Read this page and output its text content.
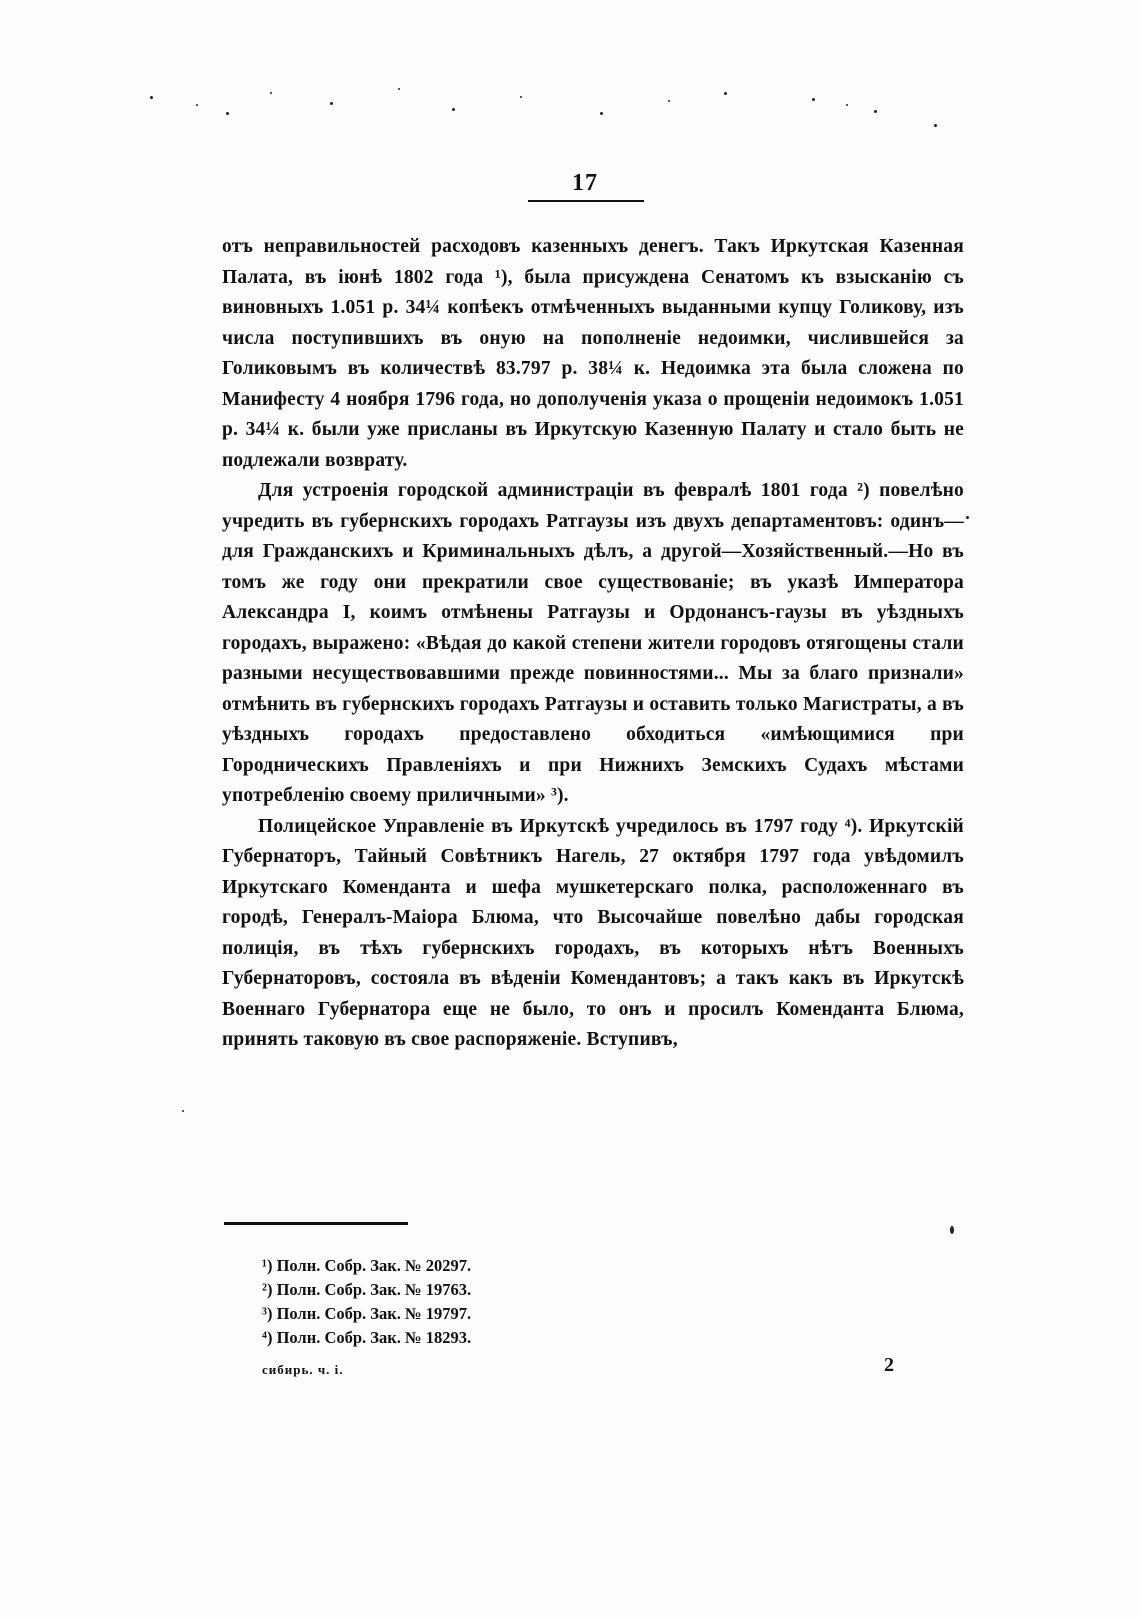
17

отъ неправильностей расходовъ казенныхъ денегъ. Такъ Иркутская Казенная Палата, въ іюнѣ 1802 года ¹), была присуждена Сенатомъ къ взысканію съ виновныхъ 1.051 р. 34¼ копѣекъ отмѣченныхъ выданными купцу Голикову, изъ числа поступившихъ въ оную на пополненіе недоимки, числившейся за Голиковымъ въ количествѣ 83.797 р. 38¼ к. Недоимка эта была сложена по Манифесту 4 ноября 1796 года, но дополученія указа о прощеніи недоимокъ 1.051 р. 34¼ к. были уже присланы въ Иркутскую Казенную Палату и стало быть не подлежали возврату.

Для устроенія городской администраціи въ февралѣ 1801 года ²) повелѣно учредить въ губернскихъ городахъ Ратгаузы изъ двухъ департаментовъ: одинъ—для Гражданскихъ и Криминальныхъ дѣлъ, а другой—Хозяйственный.—Но въ томъ же году они прекратили свое существованіе; въ указѣ Императора Александра I, коимъ отмѣнены Ратгаузы и Ордонансъ-гаузы въ уѣздныхъ городахъ, выражено: «Вѣдая до какой степени жители городовъ отягощены стали разными несуществовавшими прежде повинностями... Мы за благо признали» отмѣнить въ губернскихъ городахъ Ратгаузы и оставить только Магистраты, а въ уѣздныхъ городахъ предоставлено обходиться «имѣющимися при Городническихъ Правленіяхъ и при Нижнихъ Земскихъ Судахъ мѣстами употребленію своему приличными» ³).

Полицейское Управленіе въ Иркутскѣ учредилось въ 1797 году ⁴). Иркутскій Губернаторъ, Тайный Совѣтникъ Нагель, 27 октября 1797 года увѣдомилъ Иркутскаго Коменданта и шефа мушкетерскаго полка, расположеннаго въ городѣ, Генералъ-Маіора Блюма, что Высочайше повелѣно дабы городская полиція, въ тѣхъ губернскихъ городахъ, въ которыхъ нѣтъ Военныхъ Губернаторовъ, состояла въ вѣденіи Комендантовъ; а такъ какъ въ Иркутскѣ Военнаго Губернатора еще не было, то онъ и просилъ Коменданта Блюма, принять таковую въ свое распоряженіе. Вступивъ,

¹) Полн. Собр. Зак. № 20297.
²) Полн. Собр. Зак. № 19763.
³) Полн. Собр. Зак. № 19797.
⁴) Полн. Собр. Зак. № 18293.
сибирь. ч. i.	2
